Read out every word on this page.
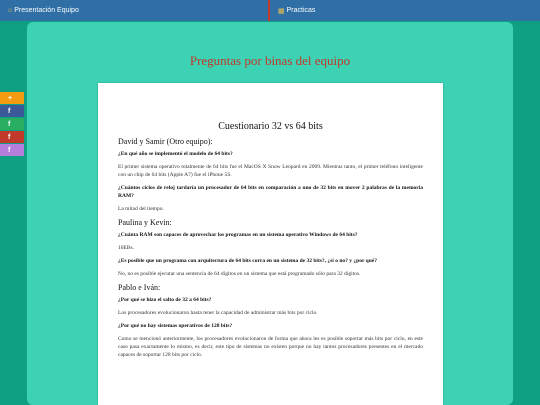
⌂ Presentación Equipo	▦ Practicas
+
f
f
f
f
Preguntas por binas del equipo
Cuestionario 32 vs 64 bits
David y Samir (Otro equipo):
¿En qué año se implementó el modelo de 64 bits?
El primer sistema operativo totalmente de 64 bits fue el MacOS X Snow Leopard en 2009. Mientras tanto, el primer teléfono inteligente con un chip de 64 bits (Apple A7) fue el iPhone 5S.
¿Cuántos ciclos de reloj tardaría un procesador de 64 bits en comparación a uno de 32 bits en mover 2 palabras de la memoria RAM?
La mitad del tiempo.
Paulina y Kevin:
¿Cuánta RAM son capaces de aprovechar los programas en un sistema operativo Windows de 64 bits?
16EBs.
¿Es posible que un programa con arquitectura de 64 bits corra en un sistema de 32 bits?, ¿si o no? y ¿por qué?
No, no es posible ejecutar una sentencia de 64 dígitos en un sistema que está programado sólo para 32 dígitos.
Pablo e Iván:
¿Por qué se hizo el salto de 32 a 64 bits?
Los procesadores evolucionaron hasta tener la capacidad de administrar más bits por ciclo.
¿Por qué no hay sistemas operativos de 128 bits?
Como se mencionó anteriormente, los procesadores evolucionaron de forma que ahora les es posible soportar más bits por ciclo, en este caso pasa exactamente lo mismo, es decir, este tipo de sistemas no existen porque no hay tantos procesadores presentes en el mercado capaces de soportar 128 bits por ciclo.
